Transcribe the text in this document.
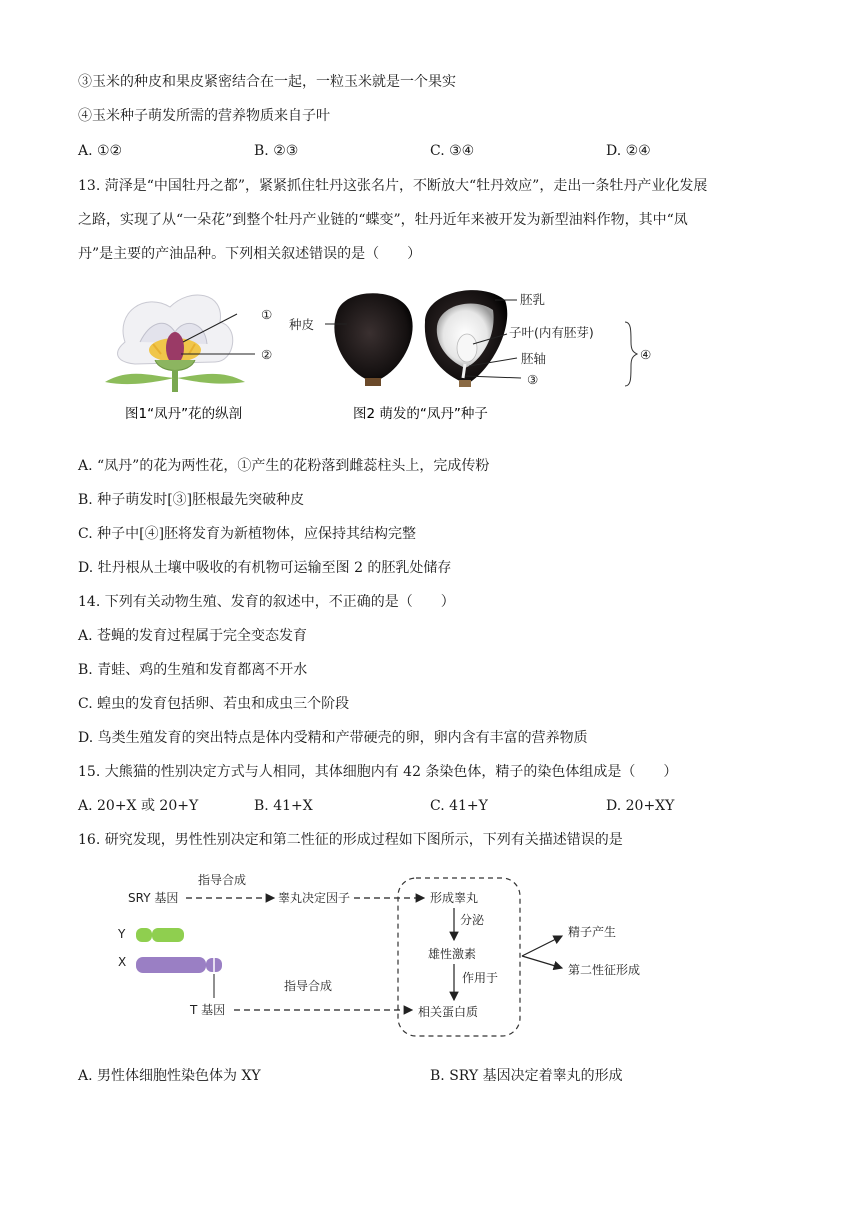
③玉米的种皮和果皮紧密结合在一起，一粒玉米就是一个果实
④玉米种子萌发所需的营养物质来自子叶
A. ①②	B. ②③	C. ③④	D. ②④
13. 菏泽是“中国牡丹之都”，紧紧抓住牡丹这张名片，不断放大“牡丹效应”，走出一条牡丹产业化发展
之路，实现了从“一朵花”到整个牡丹产业链的“蝶变”，牡丹近年来被开发为新型油料作物，其中“凤
丹”是主要的产油品种。下列相关叙述错误的是（　　）
①
②
种皮
胚乳
子叶(内有胚芽)
胚轴
③
④
图1“凤丹”花的纵剖	图2 萌发的“凤丹”种子
A. “凤丹”的花为两性花，①产生的花粉落到雌蕊柱头上，完成传粉
B. 种子萌发时[③]胚根最先突破种皮
C. 种子中[④]胚将发育为新植物体，应保持其结构完整
D. 牡丹根从土壤中吸收的有机物可运输至图 2 的胚乳处储存
14. 下列有关动物生殖、发育的叙述中，不正确的是（　　）
A. 苍蝇的发育过程属于完全变态发育
B. 青蛙、鸡的生殖和发育都离不开水
C. 蝗虫的发育包括卵、若虫和成虫三个阶段
D. 鸟类生殖发育的突出特点是体内受精和产带硬壳的卵，卵内含有丰富的营养物质
15. 大熊猫的性别决定方式与人相同，其体细胞内有 42 条染色体，精子的染色体组成是（　　）
A. 20+X 或 20+Y	B. 41+X	C. 41+Y	D. 20+XY
16. 研究发现，男性性别决定和第二性征的形成过程如下图所示，下列有关描述错误的是
指导合成
SRY 基因	睾丸决定因子	形成睾丸
分泌
雄性激素
作用于
相关蛋白质
精子产生
第二性征形成
Y
X
指导合成
T 基因
A. 男性体细胞性染色体为 XY	B. SRY 基因决定着睾丸的形成
